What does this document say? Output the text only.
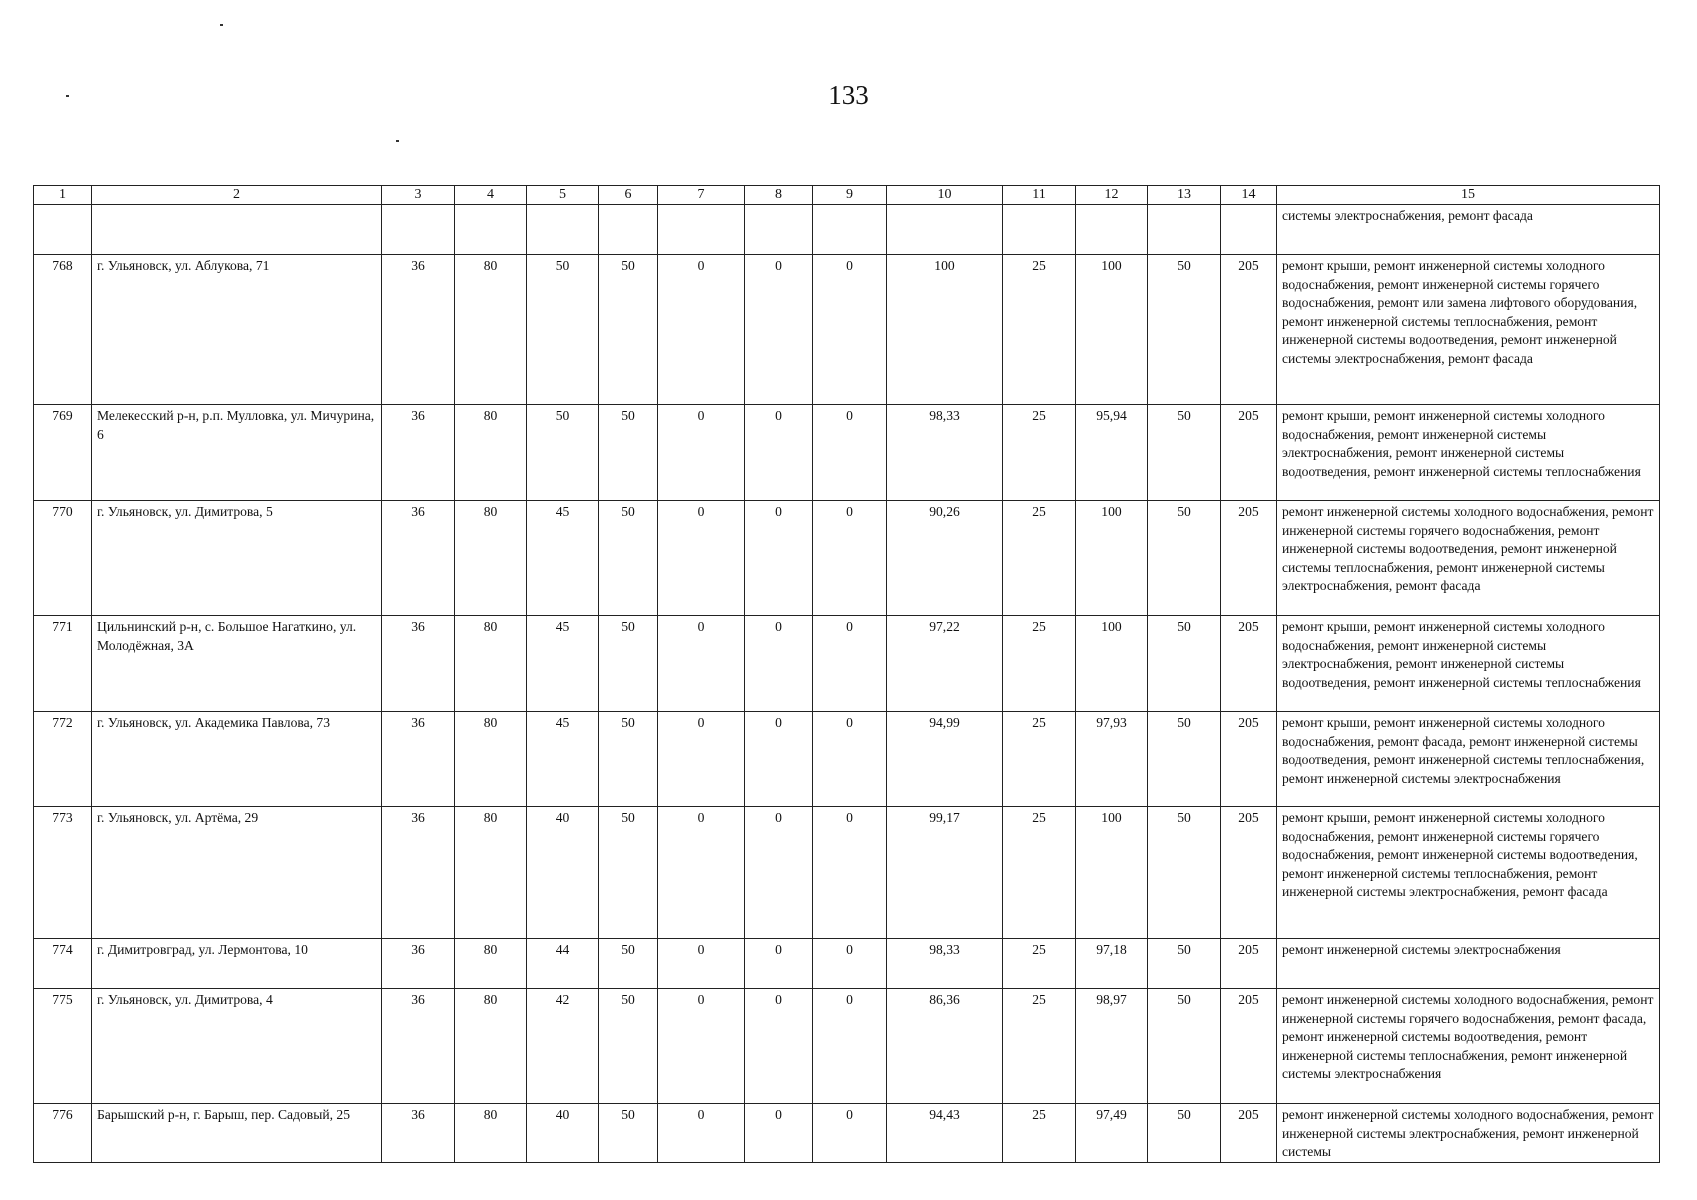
133
1	2	3	4	5	6	7	8	9	10	11	12	13	14	15
														системы электроснабжения, ремонт фасада
768	г. Ульяновск, ул. Аблукова, 71	36	80	50	50	0	0	0	100	25	100	50	205	ремонт крыши, ремонт инженерной системы холодного водоснабжения, ремонт инженерной системы горячего водоснабжения, ремонт или замена лифтового оборудования, ремонт инженерной системы теплоснабжения, ремонт инженерной системы водоотведения, ремонт инженерной системы электроснабжения, ремонт фасада
769	Мелекесский р-н, р.п. Мулловка, ул. Мичурина, 6	36	80	50	50	0	0	0	98,33	25	95,94	50	205	ремонт крыши, ремонт инженерной системы холодного водоснабжения, ремонт инженерной системы электроснабжения, ремонт инженерной системы водоотведения, ремонт инженерной системы теплоснабжения
770	г. Ульяновск, ул. Димитрова, 5	36	80	45	50	0	0	0	90,26	25	100	50	205	ремонт инженерной системы холодного водоснабжения, ремонт инженерной системы горячего водоснабжения, ремонт инженерной системы водоотведения, ремонт инженерной системы теплоснабжения, ремонт инженерной системы электроснабжения, ремонт фасада
771	Цильнинский р-н, с. Большое Нагаткино, ул. Молодёжная, 3А	36	80	45	50	0	0	0	97,22	25	100	50	205	ремонт крыши, ремонт инженерной системы холодного водоснабжения, ремонт инженерной системы электроснабжения, ремонт инженерной системы водоотведения, ремонт инженерной системы теплоснабжения
772	г. Ульяновск, ул. Академика Павлова, 73	36	80	45	50	0	0	0	94,99	25	97,93	50	205	ремонт крыши, ремонт инженерной системы холодного водоснабжения, ремонт фасада, ремонт инженерной системы водоотведения, ремонт инженерной системы теплоснабжения, ремонт инженерной системы электроснабжения
773	г. Ульяновск, ул. Артёма, 29	36	80	40	50	0	0	0	99,17	25	100	50	205	ремонт крыши, ремонт инженерной системы холодного водоснабжения, ремонт инженерной системы горячего водоснабжения, ремонт инженерной системы водоотведения, ремонт инженерной системы теплоснабжения, ремонт инженерной системы электроснабжения, ремонт фасада
774	г. Димитровград, ул. Лермонтова, 10	36	80	44	50	0	0	0	98,33	25	97,18	50	205	ремонт инженерной системы электроснабжения
775	г. Ульяновск, ул. Димитрова, 4	36	80	42	50	0	0	0	86,36	25	98,97	50	205	ремонт инженерной системы холодного водоснабжения, ремонт инженерной системы горячего водоснабжения, ремонт фасада, ремонт инженерной системы водоотведения, ремонт инженерной системы теплоснабжения, ремонт инженерной системы электроснабжения
776	Барышский р-н, г. Барыш, пер. Садовый, 25	36	80	40	50	0	0	0	94,43	25	97,49	50	205	ремонт инженерной системы холодного водоснабжения, ремонт инженерной системы электроснабжения, ремонт инженерной системы
